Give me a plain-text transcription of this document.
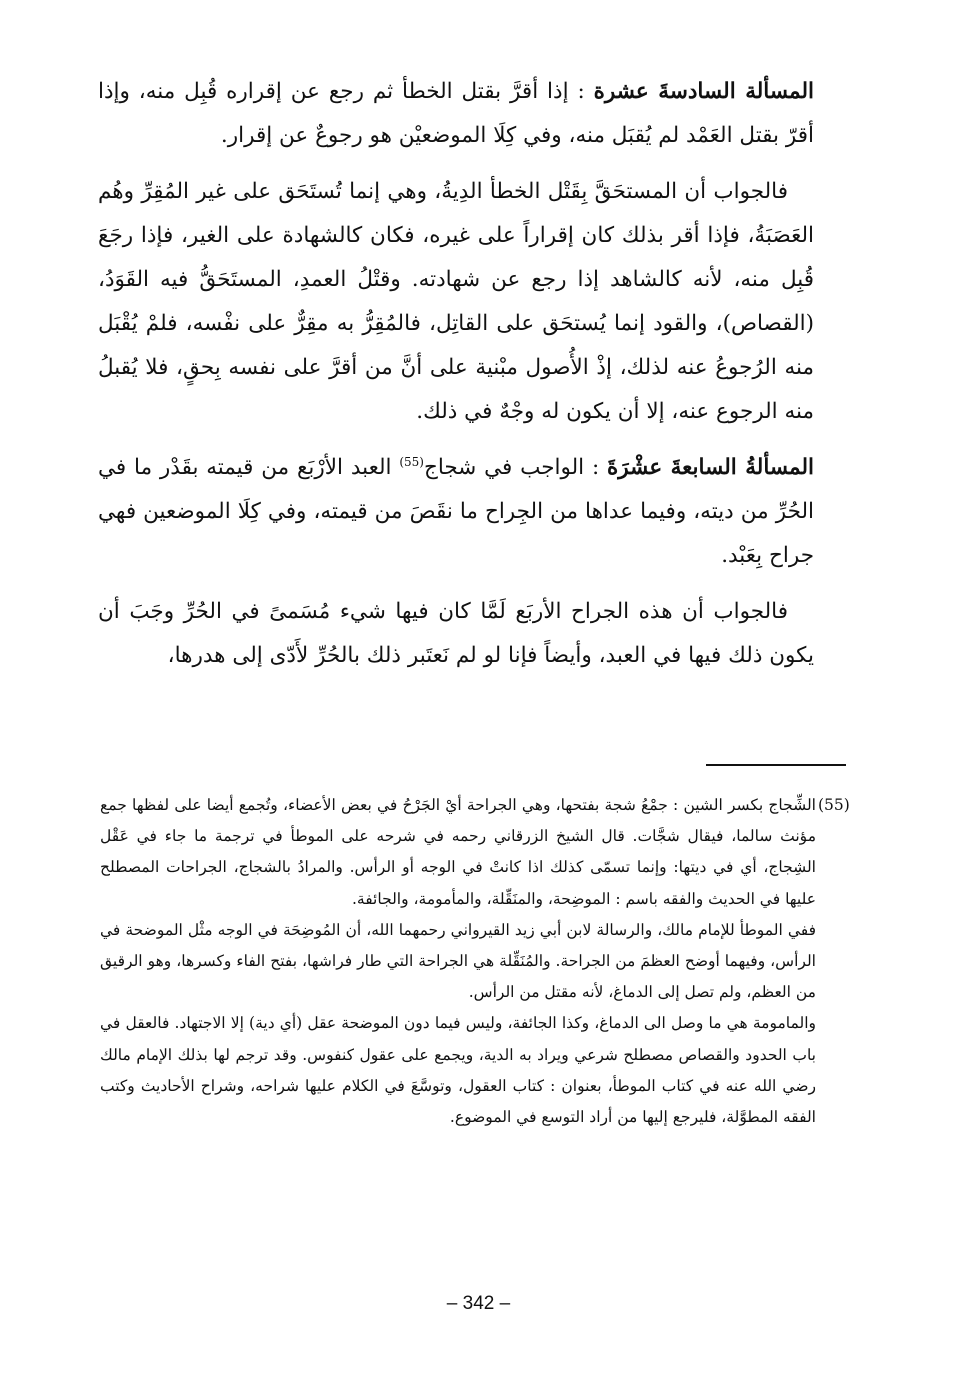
المسألة السادسةَ عشرة : إذا أقرَّ بقتل الخطأ ثم رجع عن إقراره قُبِل منه، وإذا أقرّ بقتل العَمْد لم يُقبَل منه، وفي كِلَا الموضعيْن هو رجوعٌ عن إقرار.

فالجواب أن المستحَقَّ بِقَتْل الخطأ الدِيةُ، وهي إنما تُستَحَق على غير المُقِرِّ وهُم العَصَبَةُ، فإذا أقر بذلك كان إقراراً على غيره، فكان كالشهادة على الغير، فإذا رجَعَ قُبِل منه، لأنه كالشاهد إذا رجع عن شهادته. وقتْلُ العمدِ، المستَحَقُّ فيه القَوَدُ، (القصاص)، والقود إنما يُستحَق على القاتِل، فالمُقِرُّ به مقِرٌّ على نفْسه، فلمْ يُقْبَل منه الرُجوعُ عنه لذلك، إذْ الأُصول مبْنية على أنَّ من أقرَّ على نفسه بِحقٍ، فلا يُقبلُ منه الرجوع عنه، إلا أن يكون له وجْهٌ في ذلك.

المسألةُ السابعةَ عشْرَةَ : الواجب في شجاج$^{(55)}$ العبد الأرْبَع من قيمته بقَدْر ما في الحُرِّ من ديته، وفيما عداها من الجِراح ما نقَصَ من قيمته، وفي كِلَا الموضعين فهي جراح بِعَبْد.

فالجواب أن هذه الجراح الأربَع لَمَّا كان فيها شيء مُسَمىً في الحُرِّ وجَبَ أن يكون ذلك فيها في العبد، وأيضاً فإنا لو لم نَعتَبر ذلك بالحُرِّ لأَدّى إلى هدرها،

(55)

الشِّجاج بكسر الشين : جمْعُ شجة بفتحها، وهي الجراحة أيْ الجَرْحُ في بعض الأعضاء، وتُجمع أيضا على لفظها جمع مؤنث سالما، فيقال شجَّات. قال الشيخ الزرقاني رحمه في شرحه على الموطأ في ترجمة ما جاء في عَقْل الشِجاج، أي في ديتها: وإنما تسمّى كذلك اذا كانتْ في الوجه أو الرأس. والمرادُ بالشجاج، الجراحات المصطلح عليها في الحديث والفقه باسم : الموضِحة، والمنَقِّلة، والمأمومة، والجائفة.

ففي الموطأ للإمام مالك، والرسالة لابن أبي زيد القيرواني رحمهما الله، أن المُوضِحَة في الوجه مثْل الموضحة في الرأس، وفيهما أوضح العظمَ من الجراحة. والمُنَقِّلة هي الجراحة التي طار فراشها، بفتح الفاء وكسرها، وهو الرقيق من العظم، ولم تصل إلى الدماغ، لأنه مقتل من الرأس.

والمامومة هي ما وصل الى الدماغ، وكذا الجائفة، وليس فيما دون الموضحة عقل (أي دية) إلا الاجتهاد. فالعقل في باب الحدود والقصاص مصطلح شرعي ويراد به الدية، ويجمع على عقول كنفوس. وقد ترجم لها بذلك الإمام مالك رضي الله عنه في كتاب الموطأ، بعنوان : كتاب العقول، وتوسَّعَ في الكلام عليها شراحه، وشراح الأحاديث وكتب الفقه المطوَّلة، فليرجع إليها من أراد التوسع في الموضوع.

– 342 –
